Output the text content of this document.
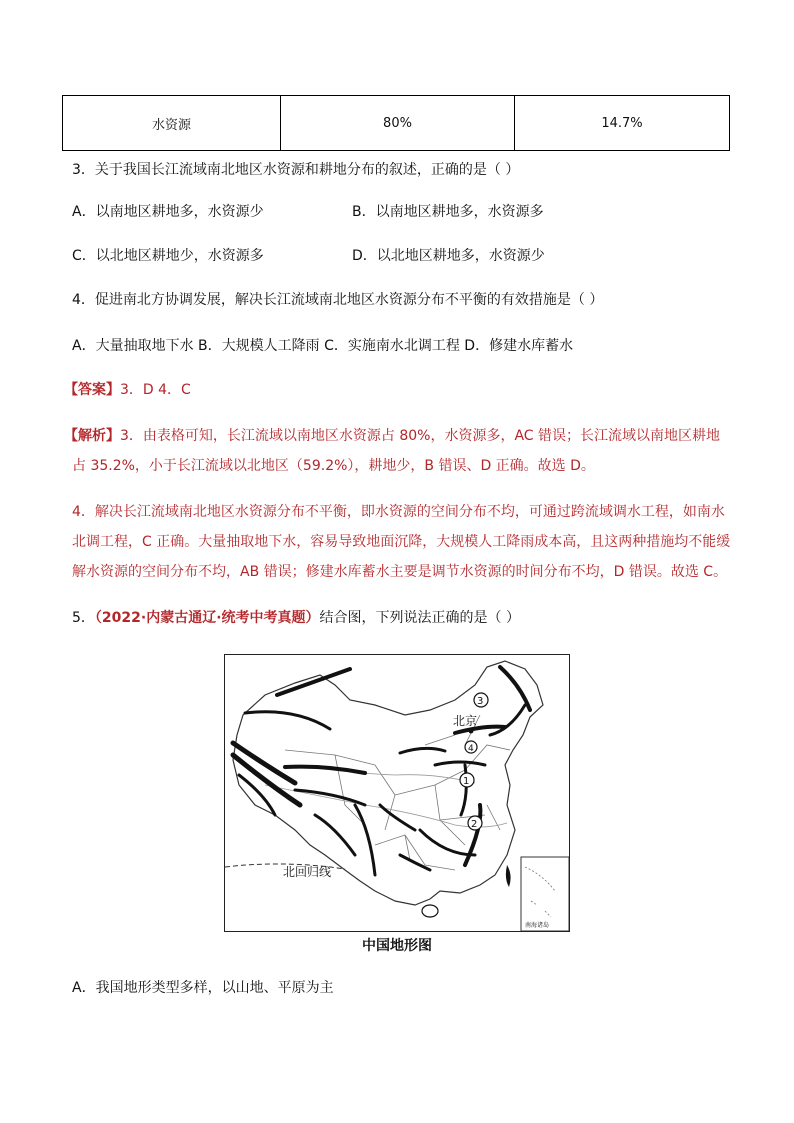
水资源	80%	14.7%
3．关于我国长江流域南北地区水资源和耕地分布的叙述，正确的是（ ）
A．以南地区耕地多，水资源少	B．以南地区耕地多，水资源多
C．以北地区耕地少，水资源多	D．以北地区耕地多，水资源少
4．促进南北方协调发展，解决长江流域南北地区水资源分布不平衡的有效措施是（ ）
A．大量抽取地下水 B．大规模人工降雨 C．实施南水北调工程 D．修建水库蓄水
【答案】3．D 4．C
【解析】3．由表格可知，长江流域以南地区水资源占 80%，水资源多，AC 错误；长江流域以南地区耕地
占 35.2%，小于长江流域以北地区（59.2%），耕地少，B 错误、D 正确。故选 D。
4．解决长江流域南北地区水资源分布不平衡，即水资源的空间分布不均，可通过跨流域调水工程，如南水
北调工程，C 正确。大量抽取地下水，容易导致地面沉降，大规模人工降雨成本高，且这两种措施均不能缓
解水资源的空间分布不均，AB 错误；修建水库蓄水主要是调节水资源的时间分布不均，D 错误。故选 C。
5．（2022·内蒙古通辽·统考中考真题）结合图，下列说法正确的是（ ）
北回归线
北京
3
4
1
2
南海诸岛
中国地形图
A．我国地形类型多样，以山地、平原为主
